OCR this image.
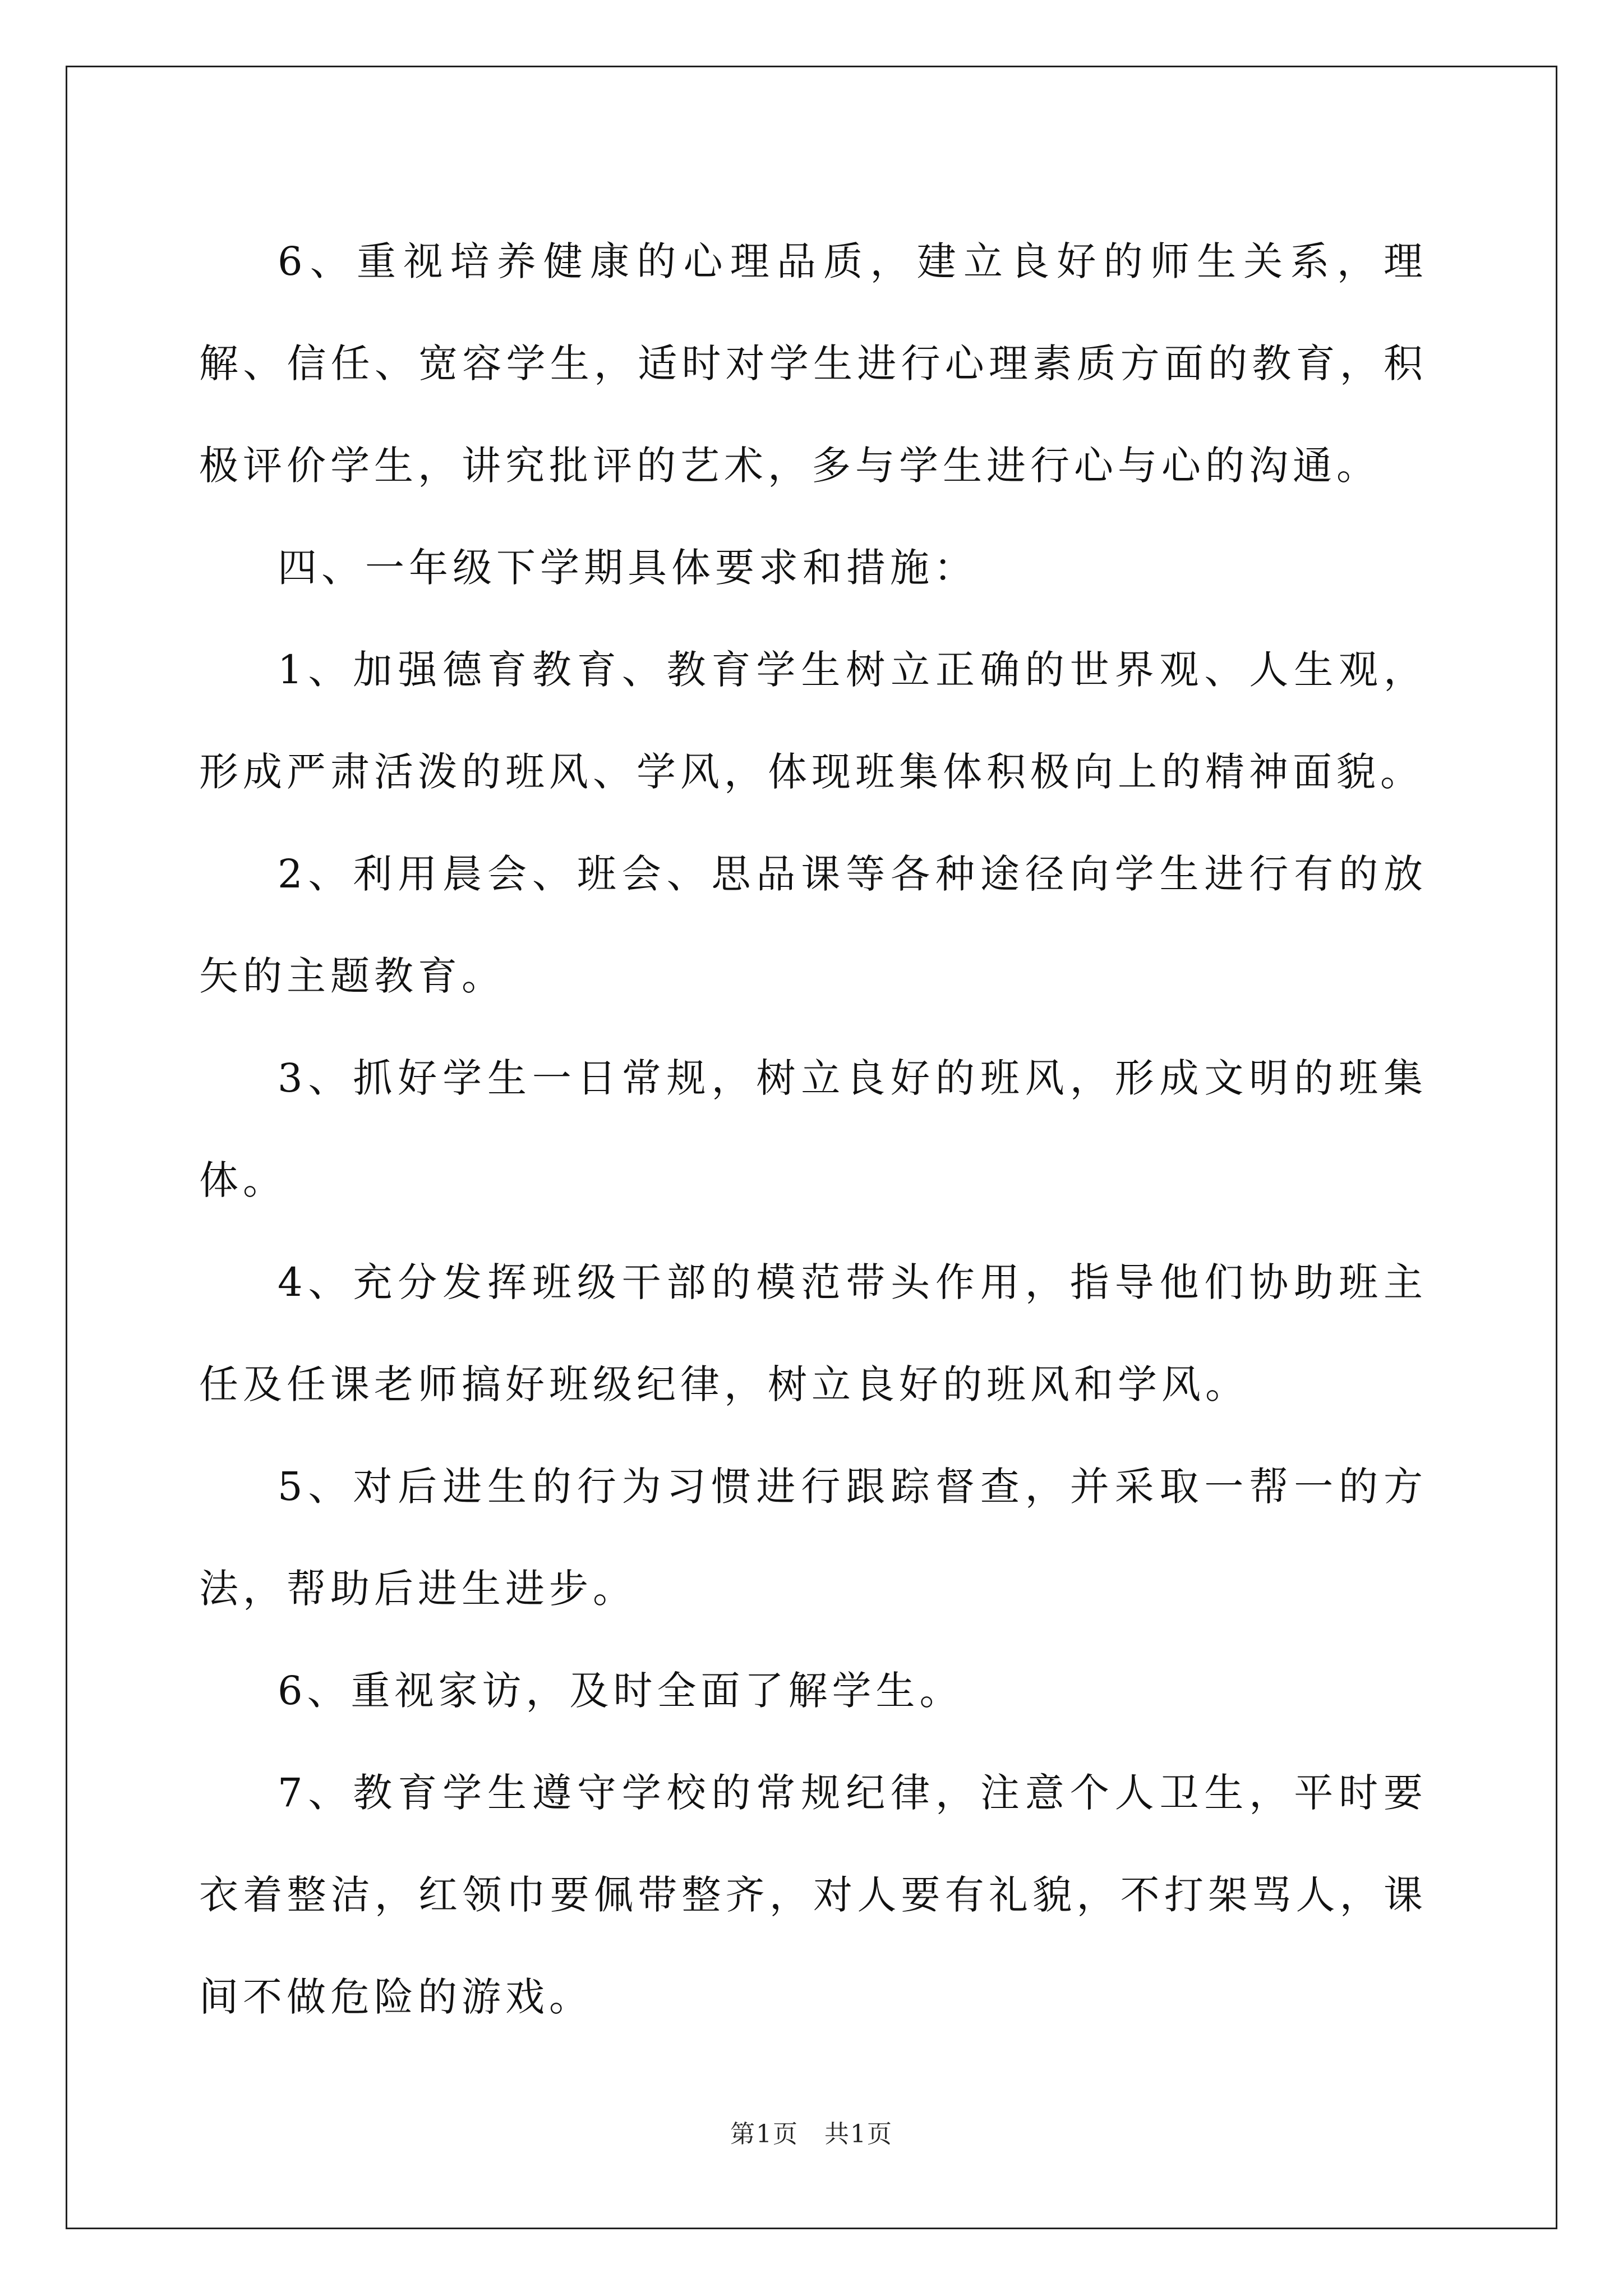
6、重视培养健康的心理品质，建立良好的师生关系，理解、信任、宽容学生，适时对学生进行心理素质方面的教育，积极评价学生，讲究批评的艺术，多与学生进行心与心的沟通。

四、一年级下学期具体要求和措施：

1、加强德育教育、教育学生树立正确的世界观、人生观，形成严肃活泼的班风、学风，体现班集体积极向上的精神面貌。

2、利用晨会、班会、思品课等各种途径向学生进行有的放矢的主题教育。

3、抓好学生一日常规，树立良好的班风，形成文明的班集体。

4、充分发挥班级干部的模范带头作用，指导他们协助班主任及任课老师搞好班级纪律，树立良好的班风和学风。

5、对后进生的行为习惯进行跟踪督查，并采取一帮一的方法，帮助后进生进步。

6、重视家访，及时全面了解学生。

7、教育学生遵守学校的常规纪律，注意个人卫生，平时要衣着整洁，红领巾要佩带整齐，对人要有礼貌，不打架骂人，课间不做危险的游戏。

第1页　共1页
